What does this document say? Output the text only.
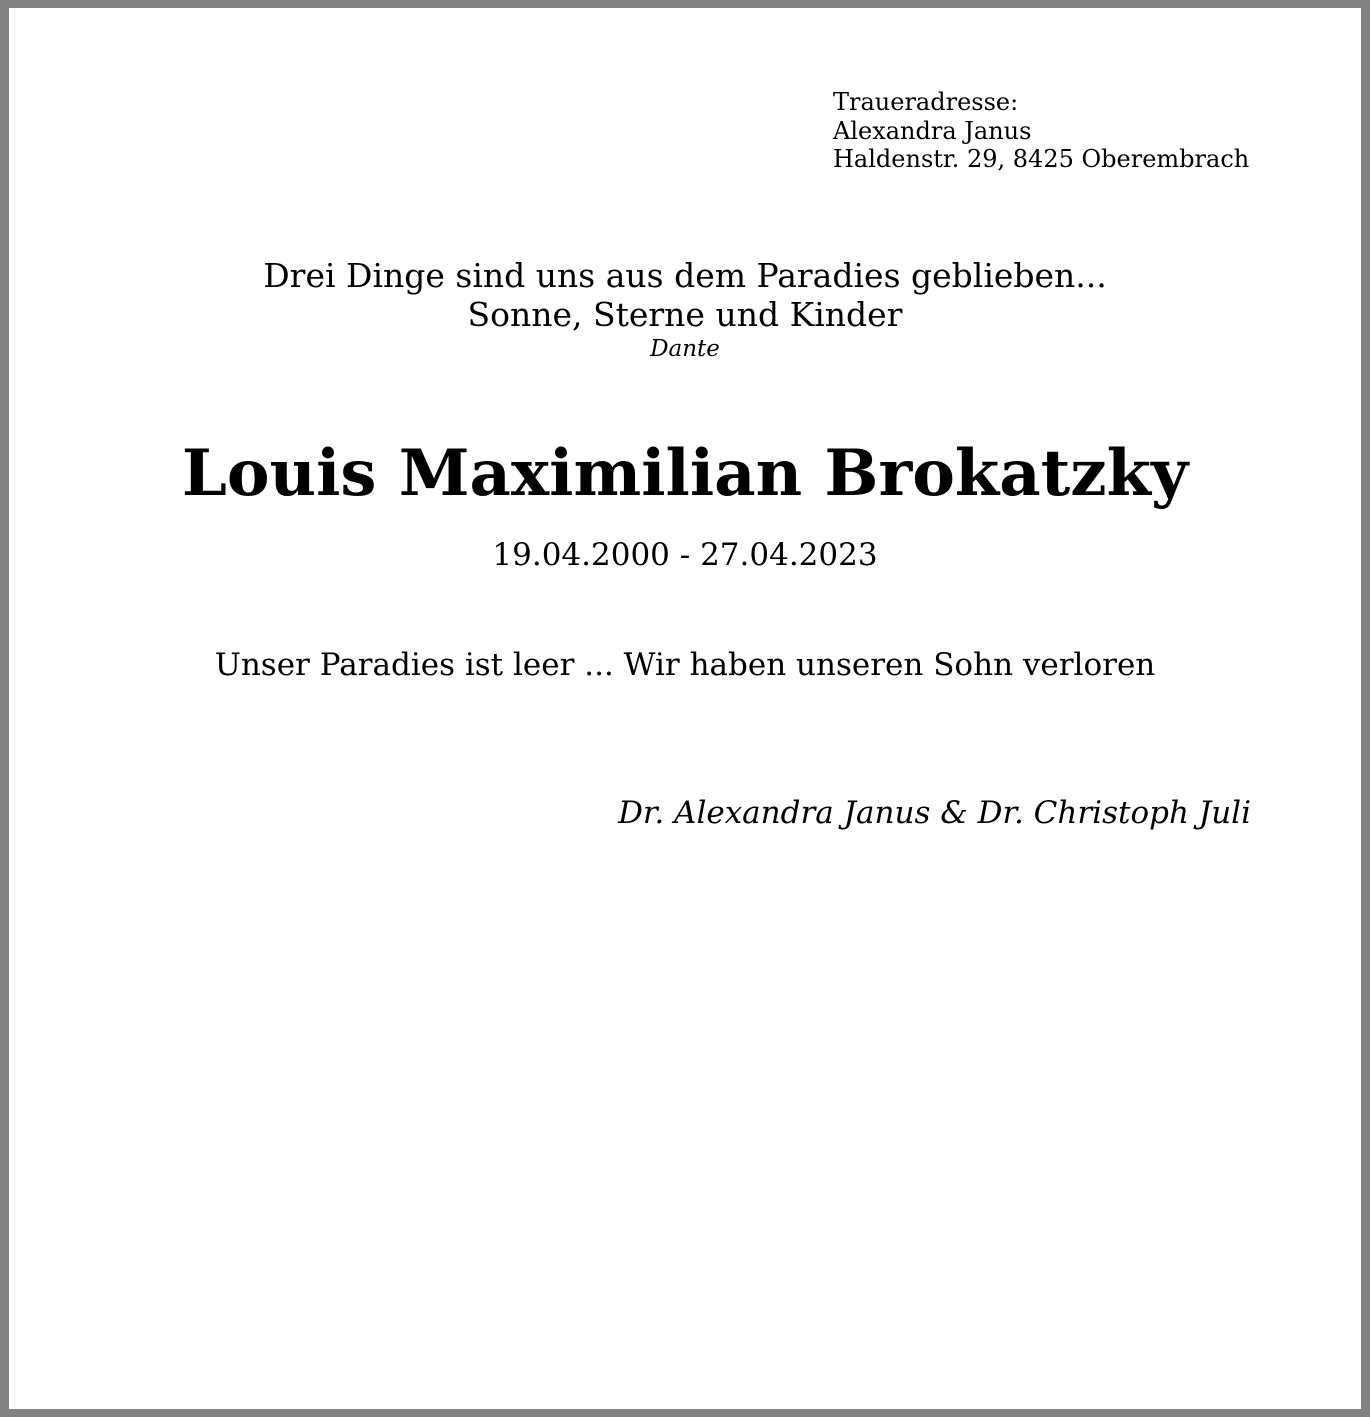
Traueradresse:
Alexandra Janus
Haldenstr. 29, 8425 Oberembrach
Drei Dinge sind uns aus dem Paradies geblieben...
Sonne, Sterne und Kinder
Dante
Louis Maximilian Brokatzky
19.04.2000 - 27.04.2023
Unser Paradies ist leer ... Wir haben unseren Sohn verloren
Dr. Alexandra Janus & Dr. Christoph Juli
